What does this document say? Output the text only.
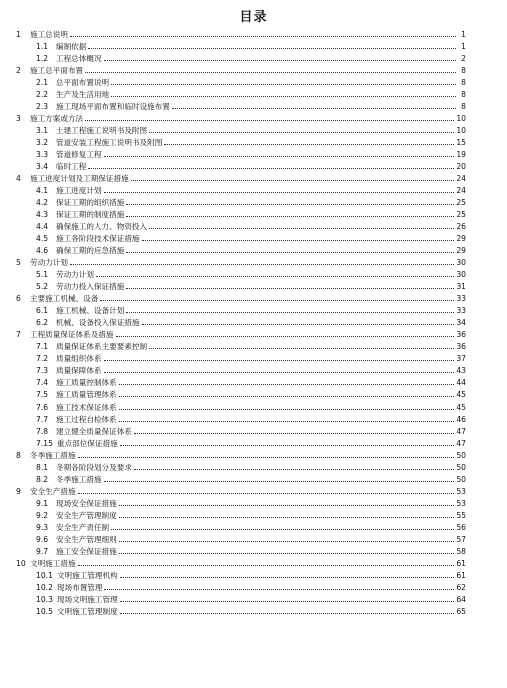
目录
1	施工总说明	1
1.1	编制依据	1
1.2	工程总体概况	2
2	施工总平面布置	8
2.1	总平面布置说明	8
2.2	生产及生活用地	8
2.3	施工现场平面布置和临时设施布置	8
3	施工方案或方法	10
3.1	土建工程施工说明书及附图	10
3.2	管道安装工程施工说明书及附图	15
3.3	管道修复工程	19
3.4	临时工程	20
4	施工进度计划及工期保证措施	24
4.1	施工进度计划	24
4.2	保证工期的组织措施	25
4.3	保证工期的制度措施	25
4.4	确保施工的人力、物资投入	26
4.5	施工各阶段技术保证措施	29
4.6	确保工期的应急措施	29
5	劳动力计划	30
5.1	劳动力计划	30
5.2	劳动力投入保证措施	31
6	主要施工机械、设备	33
6.1	施工机械、设备计划	33
6.2	机械、设备投入保证措施	34
7	工程质量保证体系及措施	36
7.1	质量保证体系主要要素控制	36
7.2	质量组织体系	37
7.3	质量保障体系	43
7.4	施工质量控制体系	44
7.5	施工质量管理体系	45
7.6	施工技术保证体系	45
7.7	施工过程自检体系	46
7.8	建立健全质量保证体系	47
7.15 重点部位保证措施	47
8	冬季施工措施	50
8.1	冬期各阶段划分及要求	50
8.2	冬季施工措施	50
9	安全生产措施	53
9.1	现场安全保证措施	53
9.2	安全生产管理制度	55
9.3	安全生产责任制	56
9.6	安全生产管理细则	57
9.7	施工安全保证措施	58
10 文明施工措施	61
10.1 文明施工管理机构	61
10.2 现场布置管理	62
10.3 现场文明施工管理	64
10.5 文明施工管理制度	65
